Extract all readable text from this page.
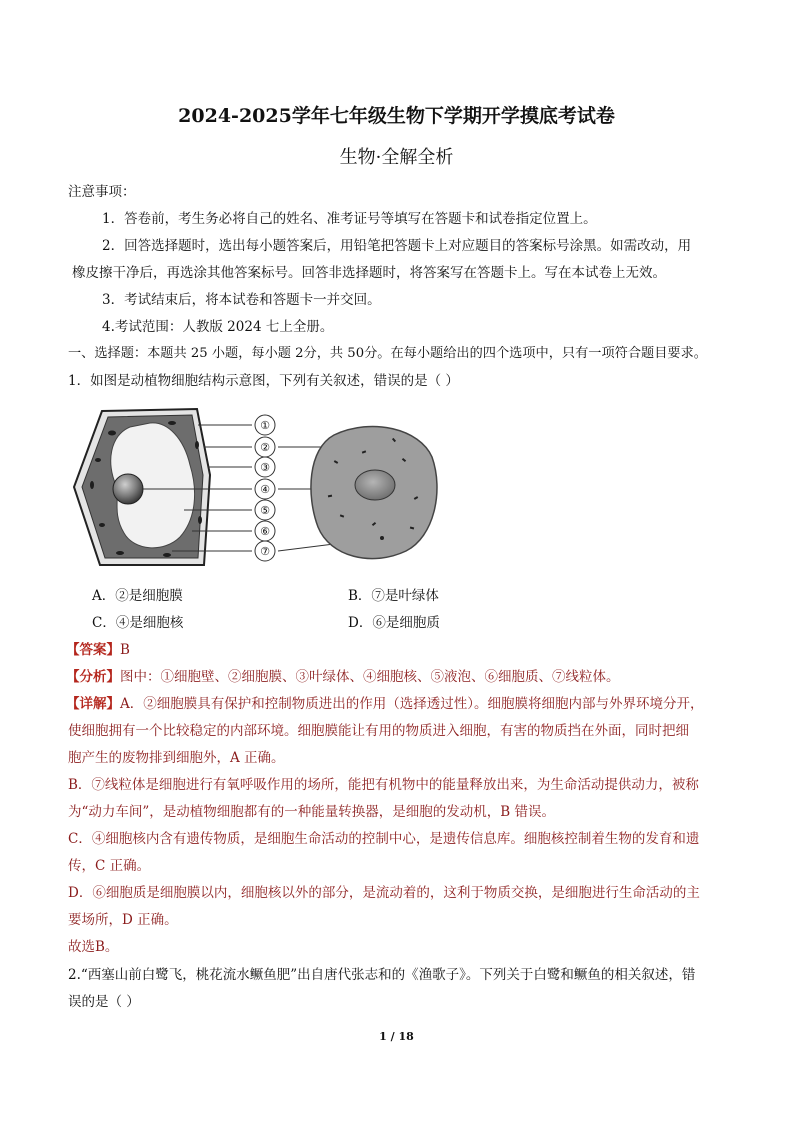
2024-2025学年七年级生物下学期开学摸底考试卷
生物·全解全析
注意事项：
1．答卷前，考生务必将自己的姓名、准考证号等填写在答题卡和试卷指定位置上。
2．回答选择题时，选出每小题答案后，用铅笔把答题卡上对应题目的答案标号涂黑。如需改动，用
橡皮擦干净后，再选涂其他答案标号。回答非选择题时，将答案写在答题卡上。写在本试卷上无效。
3．考试结束后，将本试卷和答题卡一并交回。
4.考试范围：人教版 2024 七上全册。
一、选择题：本题共 25 小题，每小题 2分，共 50分。在每小题给出的四个选项中，只有一项符合题目要求。
1．如图是动植物细胞结构示意图，下列有关叙述，错误的是（ ）
①
②
③
④
⑤
⑥
⑦
A．②是细胞膜	B．⑦是叶绿体
C．④是细胞核	D．⑥是细胞质
【答案】B
【分析】图中：①细胞壁、②细胞膜、③叶绿体、④细胞核、⑤液泡、⑥细胞质、⑦线粒体。
【详解】A．②细胞膜具有保护和控制物质进出的作用（选择透过性）。细胞膜将细胞内部与外界环境分开，
使细胞拥有一个比较稳定的内部环境。细胞膜能让有用的物质进入细胞，有害的物质挡在外面，同时把细
胞产生的废物排到细胞外，A 正确。
B．⑦线粒体是细胞进行有氧呼吸作用的场所，能把有机物中的能量释放出来，为生命活动提供动力，被称
为“动力车间”，是动植物细胞都有的一种能量转换器，是细胞的发动机，B 错误。
C．④细胞核内含有遗传物质，是细胞生命活动的控制中心，是遗传信息库。细胞核控制着生物的发育和遗
传，C 正确。
D．⑥细胞质是细胞膜以内，细胞核以外的部分，是流动着的，这利于物质交换，是细胞进行生命活动的主
要场所，D 正确。
故选B。
2.“西塞山前白鹭飞，桃花流水鳜鱼肥”出自唐代张志和的《渔歌子》。下列关于白鹭和鳜鱼的相关叙述，错
误的是（ ）
1 / 18
